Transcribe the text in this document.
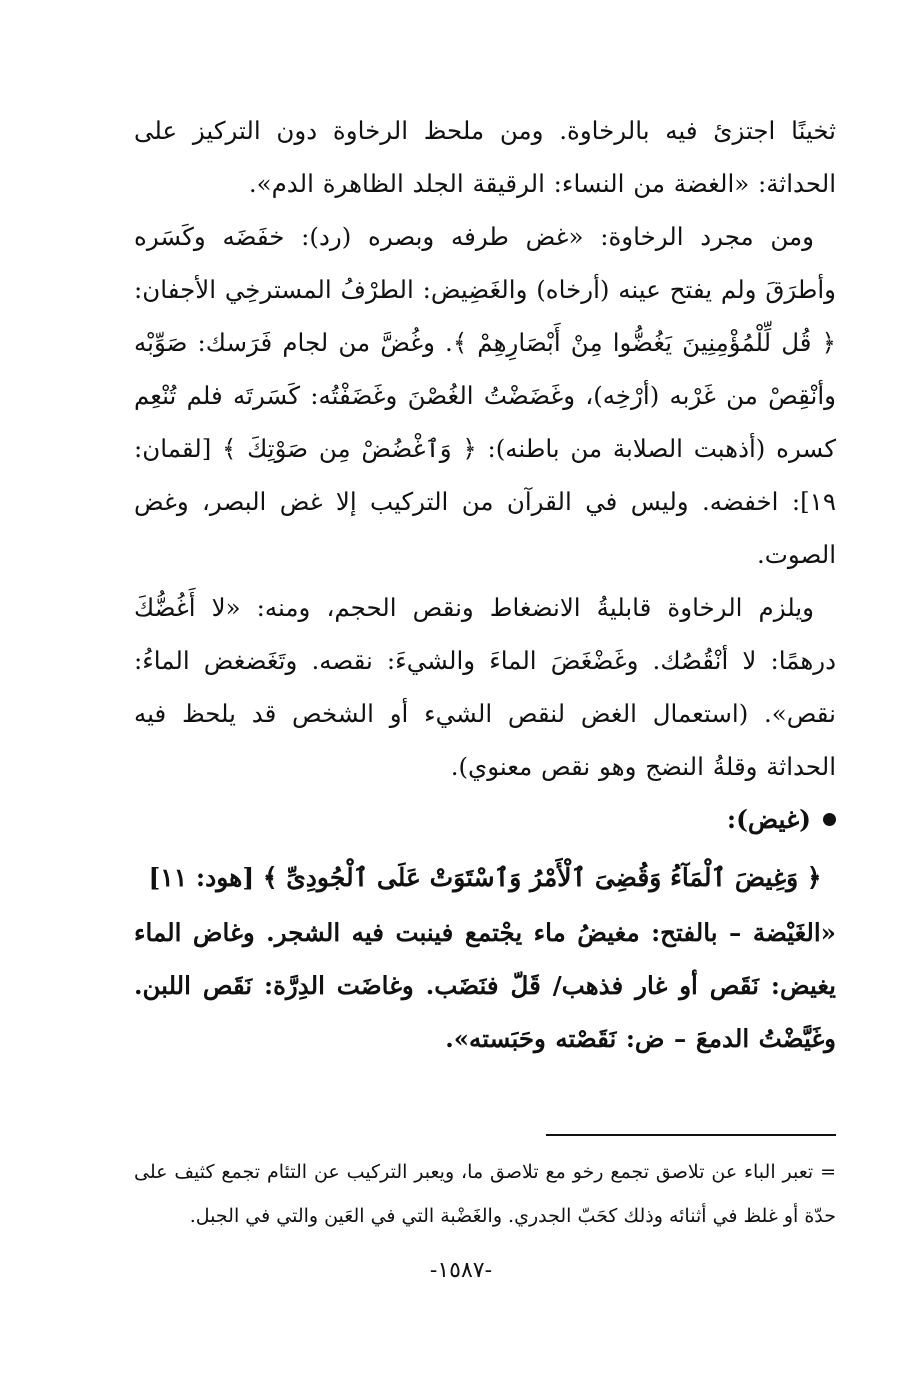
ثخينًا اجتزئ فيه بالرخاوة. ومن ملحظ الرخاوة دون التركيز على الحداثة: «الغضة من النساء: الرقيقة الجلد الظاهرة الدم».

ومن مجرد الرخاوة: «غض طرفه وبصره (رد): خفَضَه وكَسَره وأطرَقَ ولم يفتح عينه (أرخاه) والغَضِيض: الطرْفُ المسترخِي الأجفان: ﴿ قُل لِّلْمُؤْمِنِينَ يَغُضُّوا مِنْ أَبْصَارِهِمْ ﴾. وغُضَّ من لجام فَرَسك: صَوِّبْه وأنْقِصْ من غَرْبه (أرْخِه)، وغَضَضْتُ الغُصْنَ وغَضَفْتُه: كَسَرتَه فلم تُنْعِم كسره (أذهبت الصلابة من باطنه): ﴿ وَٱغْضُضْ مِن صَوْتِكَ ﴾ [لقمان: ١٩]: اخفضه. وليس في القرآن من التركيب إلا غض البصر، وغض الصوت.

ويلزم الرخاوة قابليةُ الانضغاط ونقص الحجم، ومنه: «لا أَغُضُّكَ درهمًا: لا أنْقُصُك. وغَضْغَضَ الماءَ والشيءَ: نقصه. وتَغَضغض الماءُ: نقص». (استعمال الغض لنقص الشيء أو الشخص قد يلحظ فيه الحداثة وقلةُ النضج وهو نقص معنوي).

(غيض):

﴿ وَغِيضَ ٱلْمَآءُ وَقُضِىَ ٱلْأَمْرُ وَٱسْتَوَتْ عَلَى ٱلْجُودِىِّ ﴾ [هود: ١١]

«الغَيْضة – بالفتح: مغيضُ ماء يجْتمع فينبت فيه الشجر. وغاض الماء يغيض: نَقَص أو غار فذهب/ قَلّ فنَضَب. وغاضَت الدِرَّة: نَقَص اللبن. وغَيَّضْتُ الدمعَ – ض: نَقَصْته وحَبَسته».

= تعبر الباء عن تلاصق تجمع رخو مع تلاصق ما، ويعبر التركيب عن التئام تجمع كثيف على حدّة أو غلظ في أثنائه وذلك كحَبّ الجدري. والغَضْبة التي في العَين والتي في الجبل.

-١٥٨٧-
